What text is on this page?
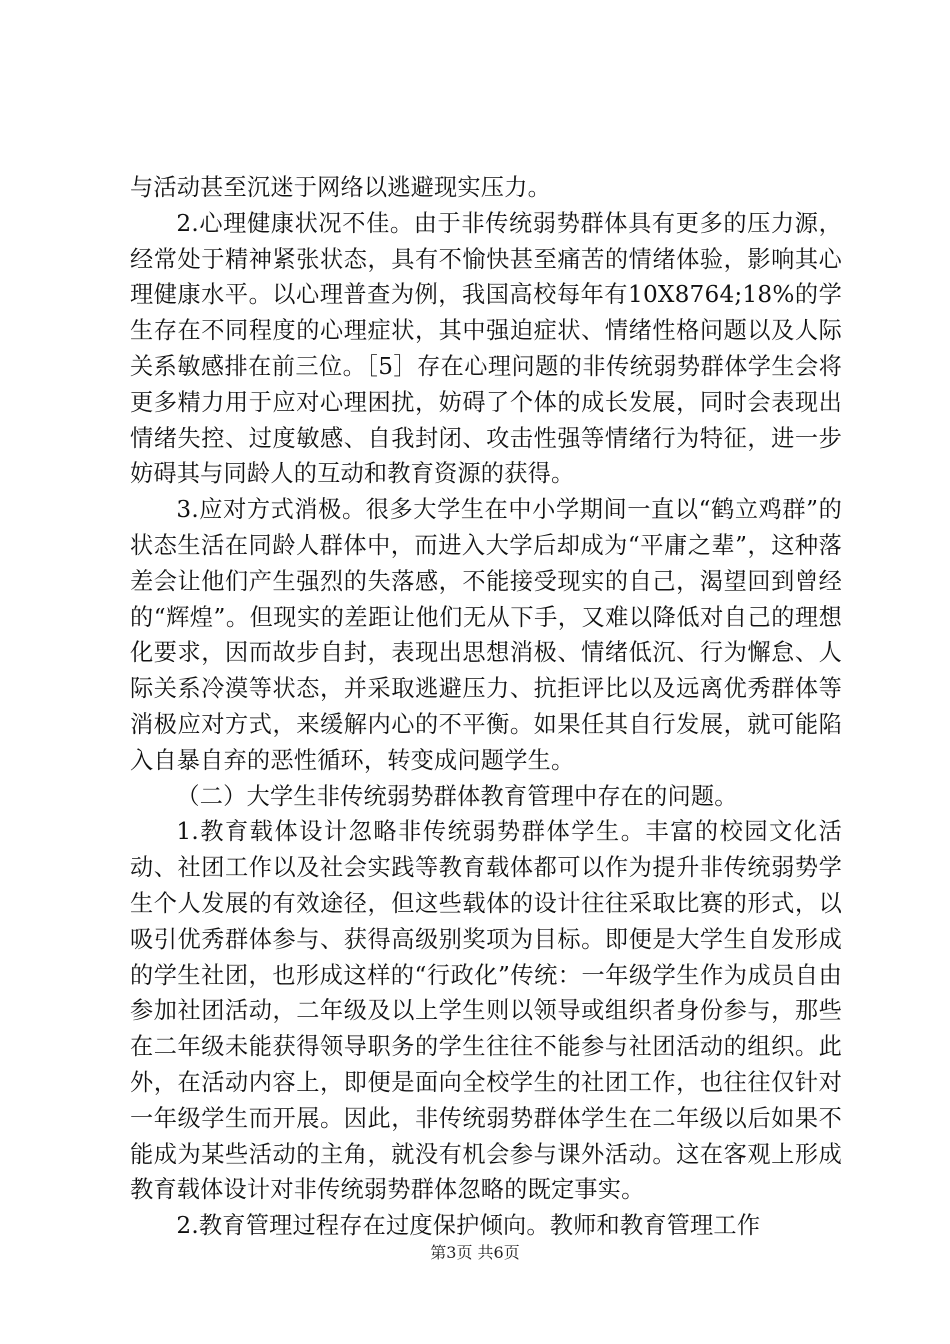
与活动甚至沉迷于网络以逃避现实压力。

2.心理健康状况不佳。由于非传统弱势群体具有更多的压力源，经常处于精神紧张状态，具有不愉快甚至痛苦的情绪体验，影响其心理健康水平。以心理普查为例，我国高校每年有10X8764;18%的学生存在不同程度的心理症状，其中强迫症状、情绪性格问题以及人际关系敏感排在前三位。［5］存在心理问题的非传统弱势群体学生会将更多精力用于应对心理困扰，妨碍了个体的成长发展，同时会表现出情绪失控、过度敏感、自我封闭、攻击性强等情绪行为特征，进一步妨碍其与同龄人的互动和教育资源的获得。

3.应对方式消极。很多大学生在中小学期间一直以“鹤立鸡群”的状态生活在同龄人群体中，而进入大学后却成为“平庸之辈”，这种落差会让他们产生强烈的失落感，不能接受现实的自己，渴望回到曾经的“辉煌”。但现实的差距让他们无从下手，又难以降低对自己的理想化要求，因而故步自封，表现出思想消极、情绪低沉、行为懈怠、人际关系冷漠等状态，并采取逃避压力、抗拒评比以及远离优秀群体等消极应对方式，来缓解内心的不平衡。如果任其自行发展，就可能陷入自暴自弃的恶性循环，转变成问题学生。

（二）大学生非传统弱势群体教育管理中存在的问题。

1.教育载体设计忽略非传统弱势群体学生。丰富的校园文化活动、社团工作以及社会实践等教育载体都可以作为提升非传统弱势学生个人发展的有效途径，但这些载体的设计往往采取比赛的形式，以吸引优秀群体参与、获得高级别奖项为目标。即便是大学生自发形成的学生社团，也形成这样的“行政化”传统：一年级学生作为成员自由参加社团活动，二年级及以上学生则以领导或组织者身份参与，那些在二年级未能获得领导职务的学生往往不能参与社团活动的组织。此外，在活动内容上，即便是面向全校学生的社团工作，也往往仅针对一年级学生而开展。因此，非传统弱势群体学生在二年级以后如果不能成为某些活动的主角，就没有机会参与课外活动。这在客观上形成教育载体设计对非传统弱势群体忽略的既定事实。

2.教育管理过程存在过度保护倾向。教师和教育管理工作

第3页 共6页
